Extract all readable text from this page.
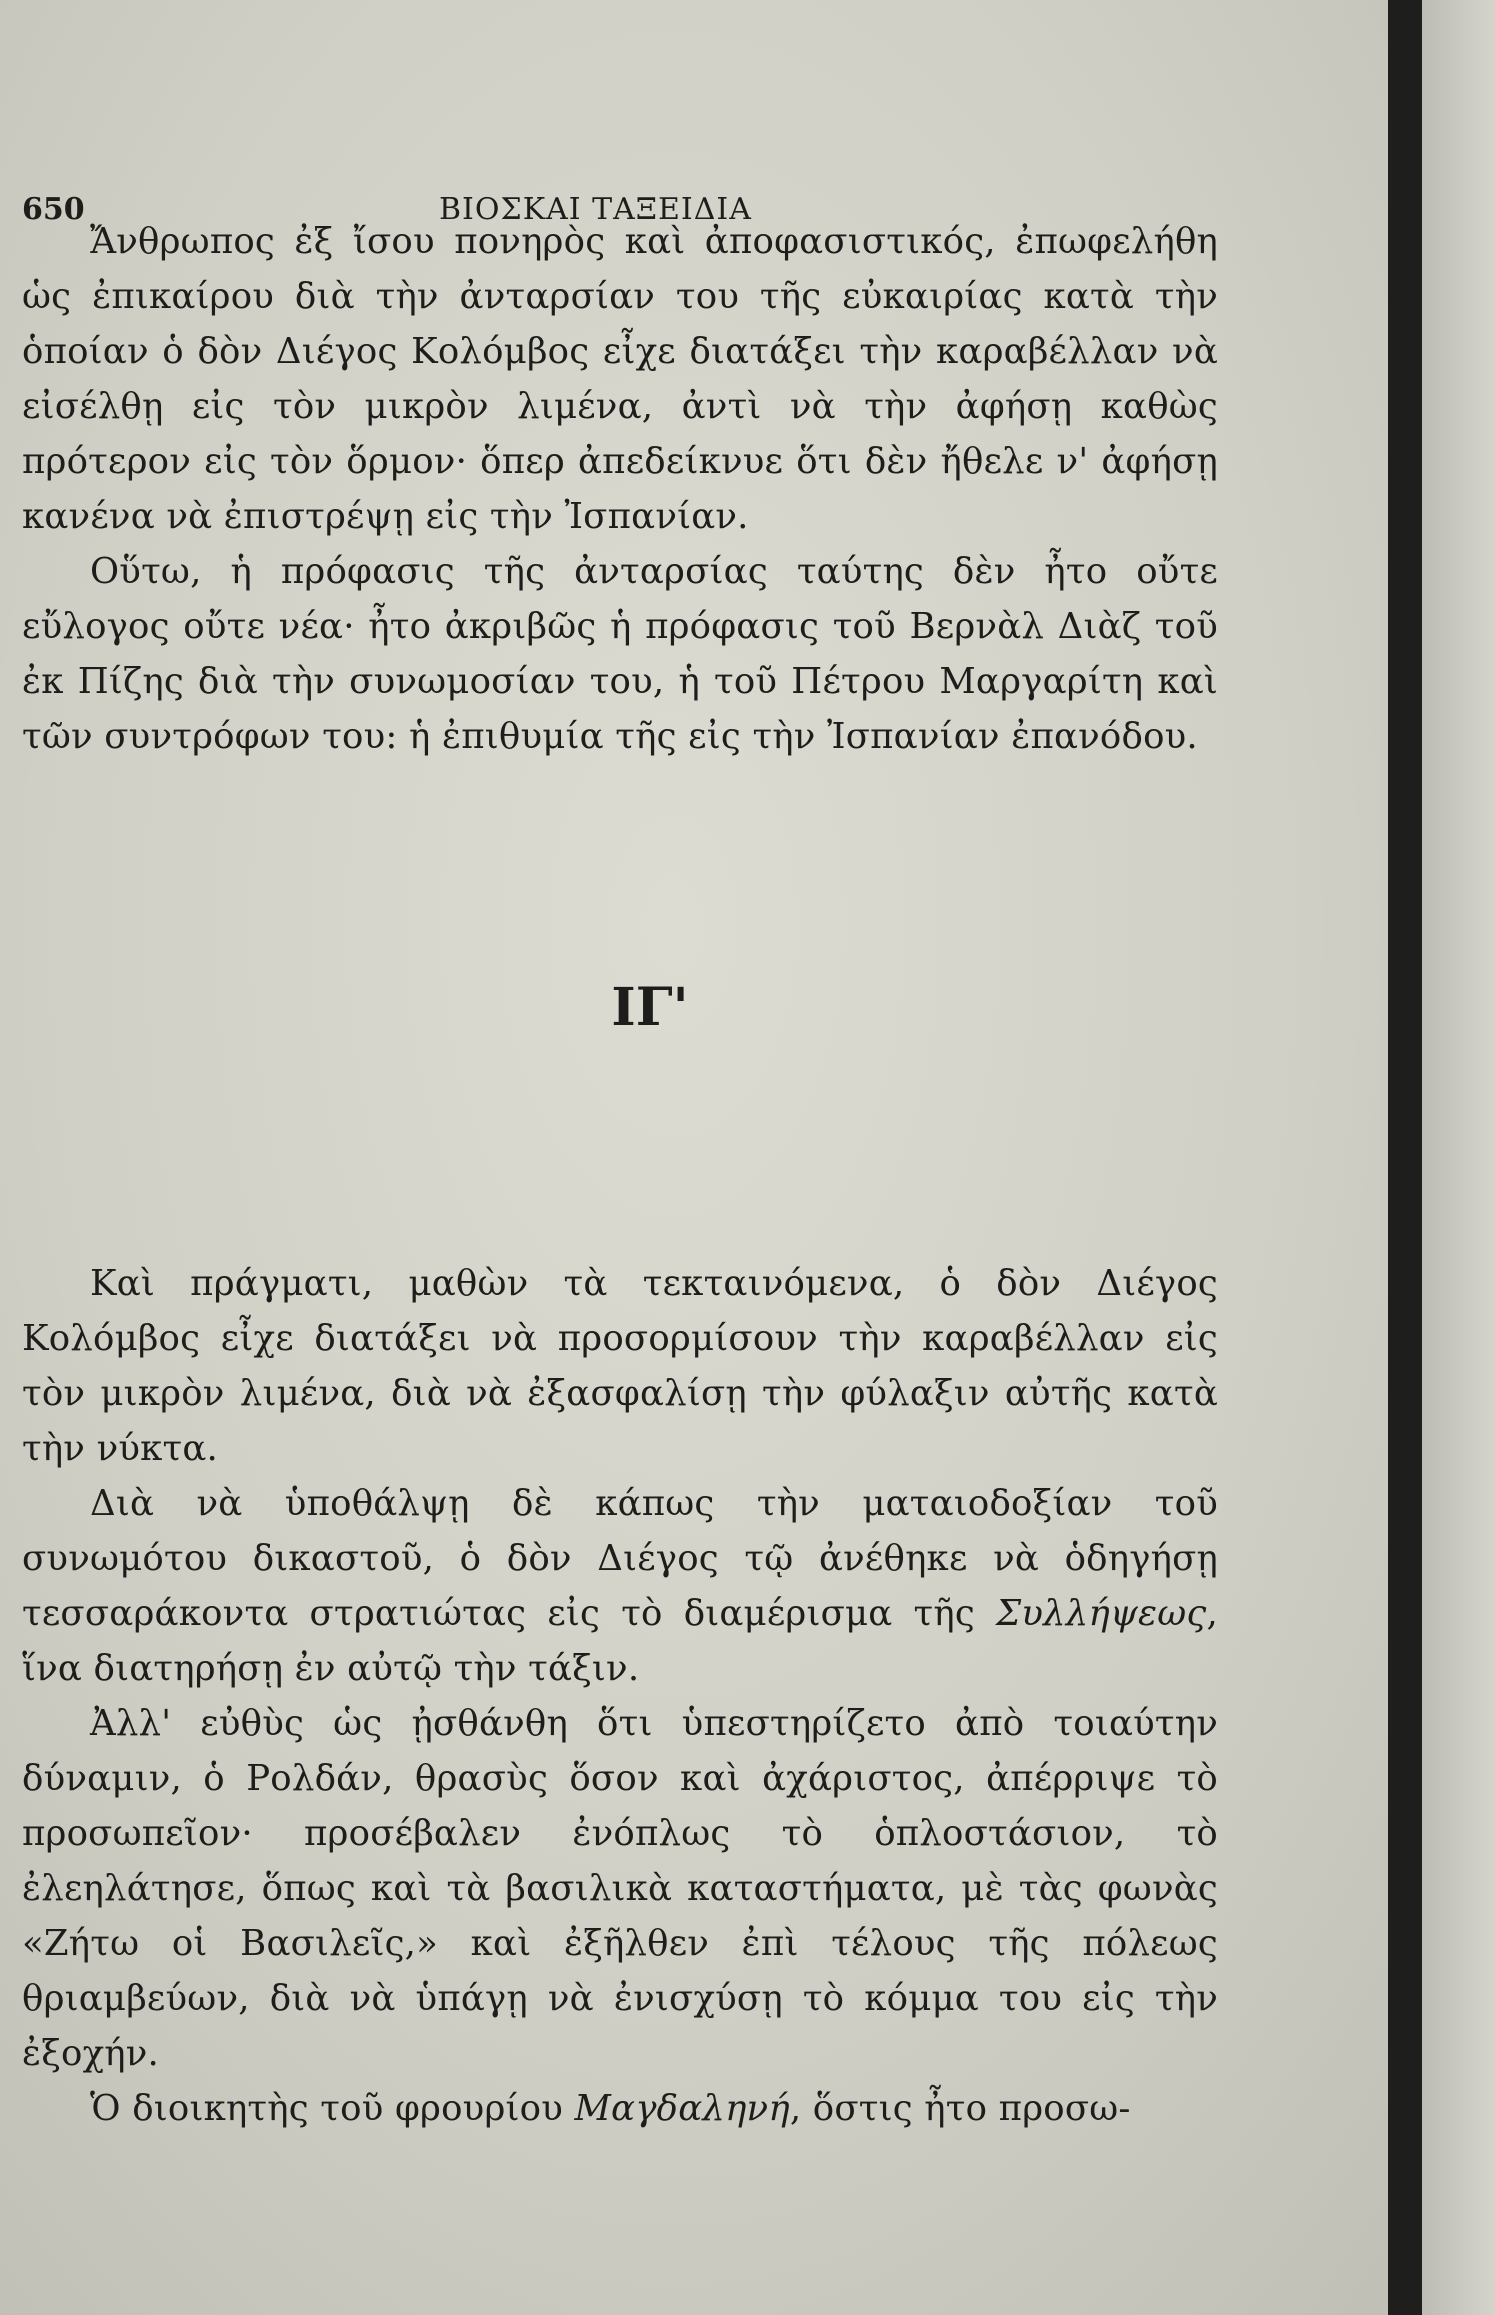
650	ΒΙΟΣΚΑΙ ΤΑΞΕΙΔΙΑ

Ἄνθρωπος ἐξ ἴσου πονηρὸς καὶ ἀποφασιστικός, ἐπωφελήθη ὡς ἐπικαίρου διὰ τὴν ἀνταρσίαν του τῆς εὐκαιρίας κατὰ τὴν ὁποίαν ὁ δὸν Διέγος Κολόμβος εἶχε διατάξει τὴν καραβέλλαν νὰ εἰσέλθῃ εἰς τὸν μικρὸν λιμένα, ἀντὶ νὰ τὴν ἀφήσῃ καθὼς πρότερον εἰς τὸν ὅρμον· ὅπερ ἀπεδείκνυε ὅτι δὲν ἤθελε ν' ἀφήσῃ κανένα νὰ ἐπιστρέψῃ εἰς τὴν Ἰσπανίαν.

Οὕτω, ἡ πρόφασις τῆς ἀνταρσίας ταύτης δὲν ἦτο οὔτε εὔλογος οὔτε νέα· ἦτο ἀκριβῶς ἡ πρόφασις τοῦ Βερνὰλ Διὰζ τοῦ ἐκ Πίζης διὰ τὴν συνωμοσίαν του, ἡ τοῦ Πέτρου Μαργαρίτη καὶ τῶν συντρόφων του: ἡ ἐπιθυμία τῆς εἰς τὴν Ἰσπανίαν ἐπανόδου.

ΙΓ'

Καὶ πράγματι, μαθὼν τὰ τεκταινόμενα, ὁ δὸν Διέγος Κολόμβος εἶχε διατάξει νὰ προσορμίσουν τὴν καραβέλλαν εἰς τὸν μικρὸν λιμένα, διὰ νὰ ἐξασφαλίσῃ τὴν φύλαξιν αὐτῆς κατὰ τὴν νύκτα.

Διὰ νὰ ὑποθάλψῃ δὲ κάπως τὴν ματαιοδοξίαν τοῦ συνωμότου δικαστοῦ, ὁ δὸν Διέγος τῷ ἀνέθηκε νὰ ὁδηγήσῃ τεσσαράκοντα στρατιώτας εἰς τὸ διαμέρισμα τῆς Συλλήψεως, ἵνα διατηρήσῃ ἐν αὐτῷ τὴν τάξιν.

Ἀλλ' εὐθὺς ὡς ᾐσθάνθη ὅτι ὑπεστηρίζετο ἀπὸ τοιαύτην δύναμιν, ὁ Ρολδάν, θρασὺς ὅσον καὶ ἀχάριστος, ἀπέρριψε τὸ προσωπεῖον· προσέβαλεν ἐνόπλως τὸ ὁπλοστάσιον, τὸ ἐλεηλάτησε, ὅπως καὶ τὰ βασιλικὰ καταστήματα, μὲ τὰς φωνὰς «Ζήτω οἱ Βασιλεῖς,» καὶ ἐξῆλθεν ἐπὶ τέλους τῆς πόλεως θριαμβεύων, διὰ νὰ ὑπάγῃ νὰ ἐνισχύσῃ τὸ κόμμα του εἰς τὴν ἐξοχήν.

Ὁ διοικητὴς τοῦ φρουρίου Μαγδαληνή, ὅστις ἦτο προσω-
